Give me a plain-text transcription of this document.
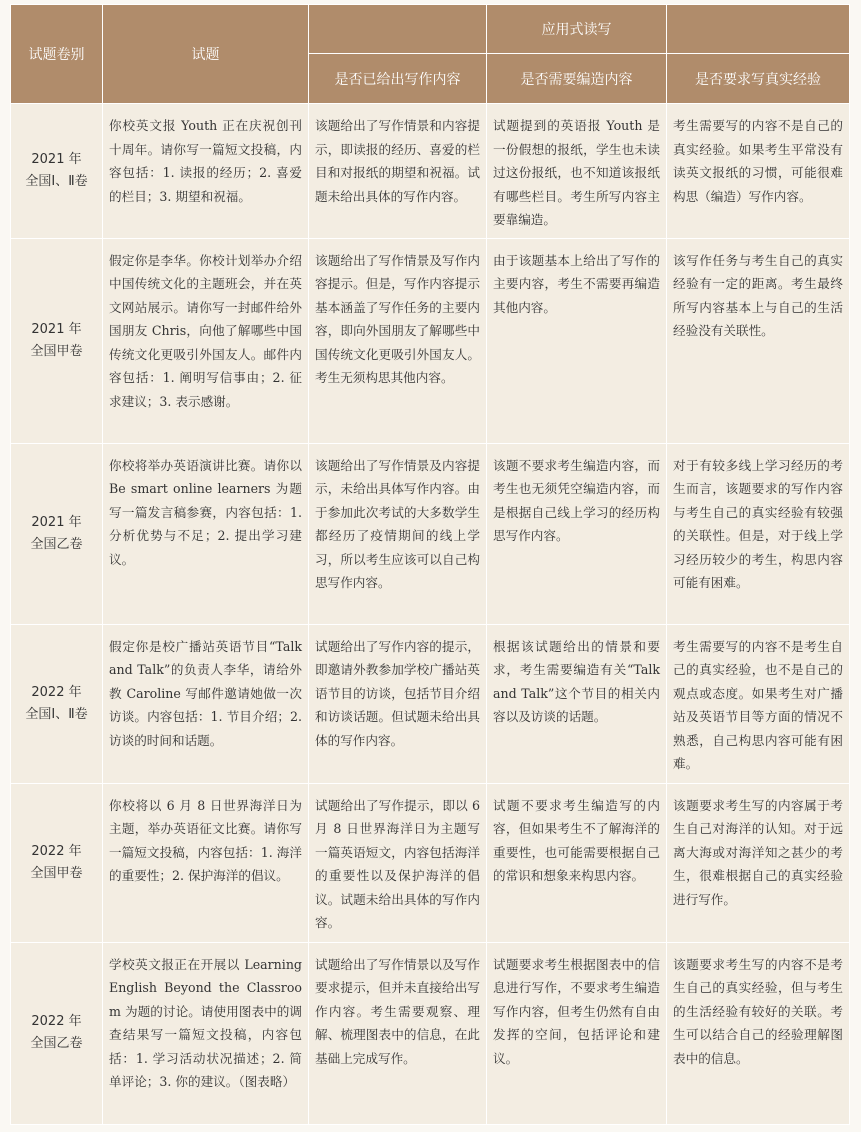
试题卷别	试题		应用式读写	
		是否已给出写作内容	是否需要编造内容	是否要求写真实经验

2021 年
全国Ⅰ、Ⅱ卷	你校英文报 Youth 正在庆祝创刊十周年。请你写一篇短文投稿，内容包括：1. 读报的经历；2. 喜爱的栏目；3. 期望和祝福。	该题给出了写作情景和内容提示，即读报的经历、喜爱的栏目和对报纸的期望和祝福。试题未给出具体的写作内容。	试题提到的英语报 Youth 是一份假想的报纸，学生也未读过这份报纸，也不知道该报纸有哪些栏目。考生所写内容主要靠编造。	考生需要写的内容不是自己的真实经验。如果考生平常没有读英文报纸的习惯，可能很难构思（编造）写作内容。

2021 年
全国甲卷	假定你是李华。你校计划举办介绍中国传统文化的主题班会，并在英文网站展示。请你写一封邮件给外国朋友 Chris，向他了解哪些中国传统文化更吸引外国友人。邮件内容包括：1. 阐明写信事由；2. 征求建议；3. 表示感谢。	该题给出了写作情景及写作内容提示。但是，写作内容提示基本涵盖了写作任务的主要内容，即向外国朋友了解哪些中国传统文化更吸引外国友人。考生无须构思其他内容。	由于该题基本上给出了写作的主要内容，考生不需要再编造其他内容。	该写作任务与考生自己的真实经验有一定的距离。考生最终所写内容基本上与自己的生活经验没有关联性。

2021 年
全国乙卷	你校将举办英语演讲比赛。请你以 Be smart online learners 为题写一篇发言稿参赛，内容包括：1. 分析优势与不足；2. 提出学习建议。	该题给出了写作情景及内容提示，未给出具体写作内容。由于参加此次考试的大多数学生都经历了疫情期间的线上学习，所以考生应该可以自己构思写作内容。	该题不要求考生编造内容，而考生也无须凭空编造内容，而是根据自己线上学习的经历构思写作内容。	对于有较多线上学习经历的考生而言，该题要求的写作内容与考生自己的真实经验有较强的关联性。但是，对于线上学习经历较少的考生，构思内容可能有困难。

2022 年
全国Ⅰ、Ⅱ卷	假定你是校广播站英语节目“Talk and Talk”的负责人李华，请给外教 Caroline 写邮件邀请她做一次访谈。内容包括：1. 节目介绍；2. 访谈的时间和话题。	试题给出了写作内容的提示，即邀请外教参加学校广播站英语节目的访谈，包括节目介绍和访谈话题。但试题未给出具体的写作内容。	根据该试题给出的情景和要求，考生需要编造有关“Talk and Talk”这个节目的相关内容以及访谈的话题。	考生需要写的内容不是考生自己的真实经验，也不是自己的观点或态度。如果考生对广播站及英语节目等方面的情况不熟悉，自己构思内容可能有困难。

2022 年
全国甲卷	你校将以 6 月 8 日世界海洋日为主题，举办英语征文比赛。请你写一篇短文投稿，内容包括：1. 海洋的重要性；2. 保护海洋的倡议。	试题给出了写作提示，即以 6 月 8 日世界海洋日为主题写一篇英语短文，内容包括海洋的重要性以及保护海洋的倡议。试题未给出具体的写作内容。	试题不要求考生编造写的内容，但如果考生不了解海洋的重要性，也可能需要根据自己的常识和想象来构思内容。	该题要求考生写的内容属于考生自己对海洋的认知。对于远离大海或对海洋知之甚少的考生，很难根据自己的真实经验进行写作。

2022 年
全国乙卷	学校英文报正在开展以 Learning English Beyond the Classroom 为题的讨论。请使用图表中的调查结果写一篇短文投稿，内容包括：1. 学习活动状况描述；2. 简单评论；3. 你的建议。（图表略）	试题给出了写作情景以及写作要求提示，但并未直接给出写作内容。考生需要观察、理解、梳理图表中的信息，在此基础上完成写作。	试题要求考生根据图表中的信息进行写作，不要求考生编造写作内容，但考生仍然有自由发挥的空间，包括评论和建议。	该题要求考生写的内容不是考生自己的真实经验，但与考生的生活经验有较好的关联。考生可以结合自己的经验理解图表中的信息。
